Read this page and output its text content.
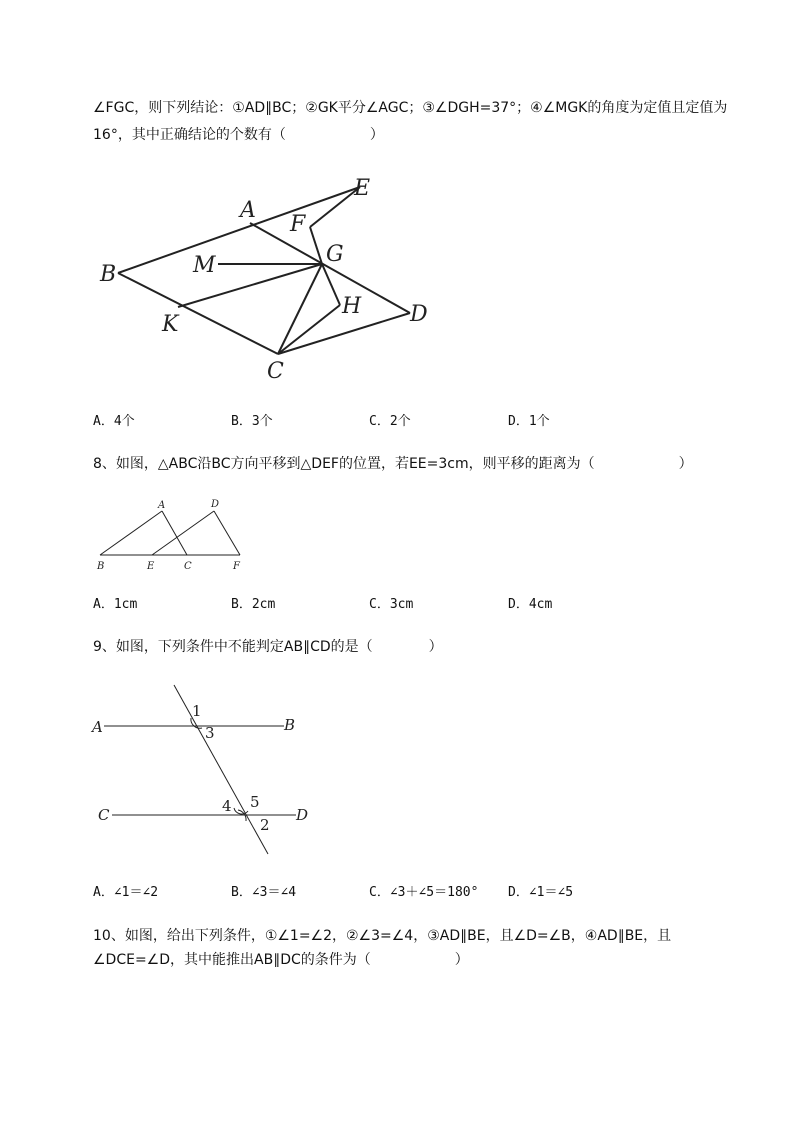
∠FGC，则下列结论：①AD∥BC；②GK平分∠AGC；③∠DGH=37°；④∠MGK的角度为定值且定值为
16°，其中正确结论的个数有（　　　　　　）
A
B
C
D
E
F
G
H
K
M
A．4个	B．3个	C．2个	D．1个
8、如图，△ABC沿BC方向平移到△DEF的位置，若EE=3cm，则平移的距离为（　　　　　　）
A
B	C
D
E	F
A．1cm	B．2cm	C．3cm	D．4cm
9、如图，下列条件中不能判定AB∥CD的是（　　　　）
A	B
C	D
1
3
4 5
2
A．∠1＝∠2	B．∠3＝∠4	C．∠3＋∠5＝180° D．∠1＝∠5
10、如图，给出下列条件，①∠1=∠2，②∠3=∠4，③AD∥BE，且∠D=∠B，④AD∥BE，且
∠DCE=∠D，其中能推出AB∥DC的条件为（　　　　　　）
